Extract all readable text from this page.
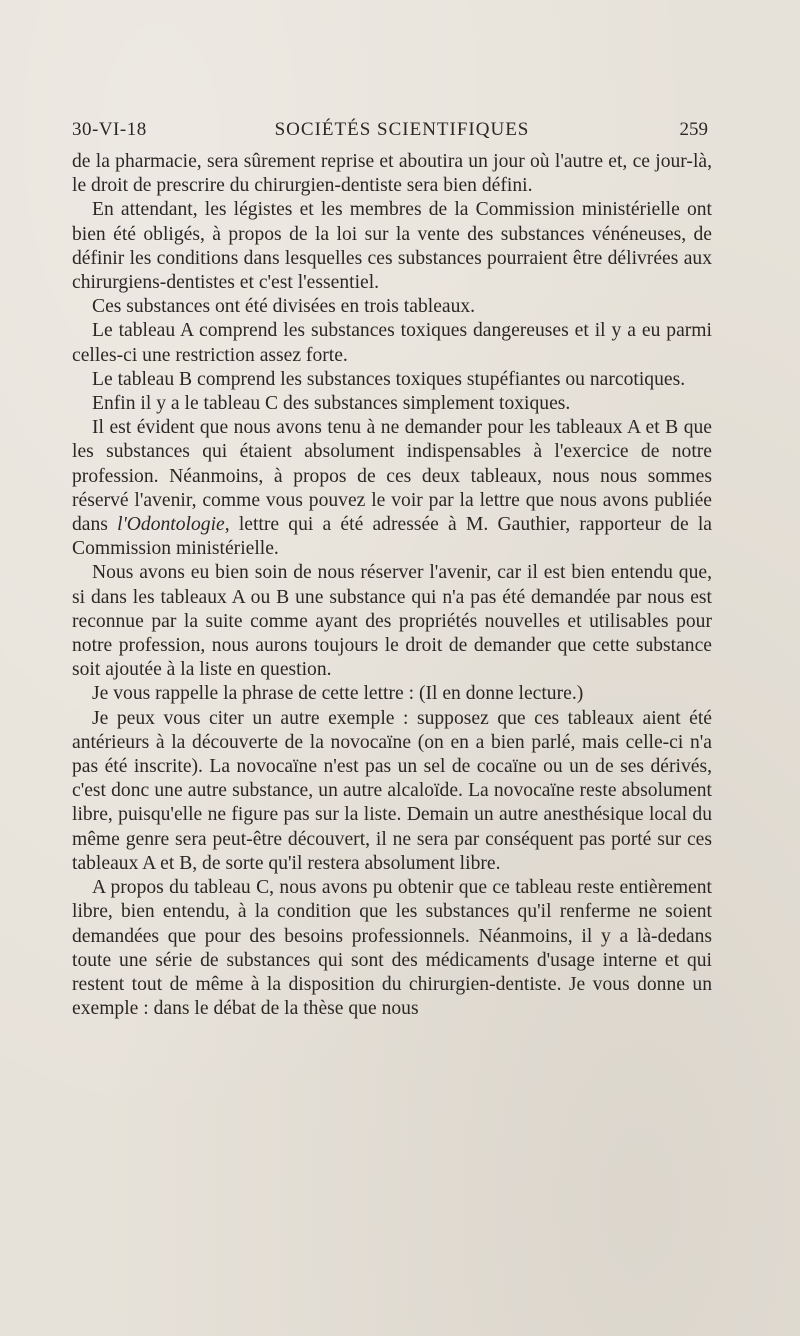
30-VI-18	SOCIÉTÉS SCIENTIFIQUES	259

de la pharmacie, sera sûrement reprise et aboutira un jour où l'autre et, ce jour-là, le droit de prescrire du chirurgien-dentiste sera bien défini.

En attendant, les légistes et les membres de la Commission ministérielle ont bien été obligés, à propos de la loi sur la vente des substances vénéneuses, de définir les conditions dans lesquelles ces substances pourraient être délivrées aux chirurgiens-dentistes et c'est l'essentiel.

Ces substances ont été divisées en trois tableaux.

Le tableau A comprend les substances toxiques dangereuses et il y a eu parmi celles-ci une restriction assez forte.

Le tableau B comprend les substances toxiques stupéfiantes ou narcotiques.

Enfin il y a le tableau C des substances simplement toxiques.

Il est évident que nous avons tenu à ne demander pour les tableaux A et B que les substances qui étaient absolument indispensables à l'exercice de notre profession. Néanmoins, à propos de ces deux tableaux, nous nous sommes réservé l'avenir, comme vous pouvez le voir par la lettre que nous avons publiée dans l'Odontologie, lettre qui a été adressée à M. Gauthier, rapporteur de la Commission ministérielle.

Nous avons eu bien soin de nous réserver l'avenir, car il est bien entendu que, si dans les tableaux A ou B une substance qui n'a pas été demandée par nous est reconnue par la suite comme ayant des propriétés nouvelles et utilisables pour notre profession, nous aurons toujours le droit de demander que cette substance soit ajoutée à la liste en question.

Je vous rappelle la phrase de cette lettre : (Il en donne lecture.)

Je peux vous citer un autre exemple : supposez que ces tableaux aient été antérieurs à la découverte de la novocaïne (on en a bien parlé, mais celle-ci n'a pas été inscrite). La novocaïne n'est pas un sel de cocaïne ou un de ses dérivés, c'est donc une autre substance, un autre alcaloïde. La novocaïne reste absolument libre, puisqu'elle ne figure pas sur la liste. Demain un autre anesthésique local du même genre sera peut-être découvert, il ne sera par conséquent pas porté sur ces tableaux A et B, de sorte qu'il restera absolument libre.

A propos du tableau C, nous avons pu obtenir que ce tableau reste entièrement libre, bien entendu, à la condition que les substances qu'il renferme ne soient demandées que pour des besoins professionnels. Néanmoins, il y a là-dedans toute une série de substances qui sont des médicaments d'usage interne et qui restent tout de même à la disposition du chirurgien-dentiste. Je vous donne un exemple : dans le débat de la thèse que nous
